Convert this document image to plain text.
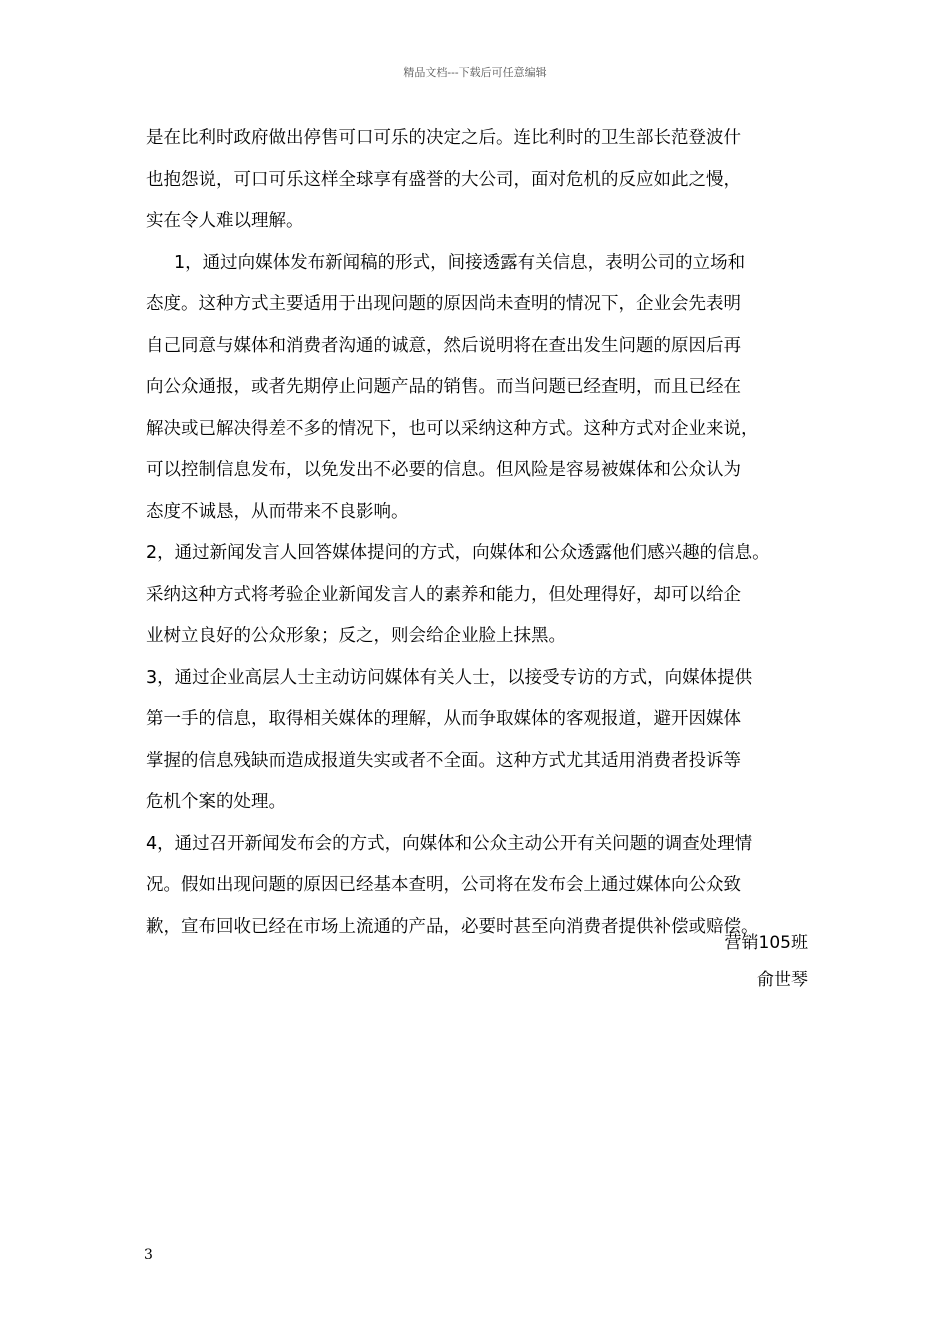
精品文档---下载后可任意编辑
是在比利时政府做出停售可口可乐的决定之后。连比利时的卫生部长范登波什
也抱怨说，可口可乐这样全球享有盛誉的大公司，面对危机的反应如此之慢，
实在令人难以理解。
1，通过向媒体发布新闻稿的形式，间接透露有关信息，表明公司的立场和
态度。这种方式主要适用于出现问题的原因尚未查明的情况下，企业会先表明
自己同意与媒体和消费者沟通的诚意，然后说明将在查出发生问题的原因后再
向公众通报，或者先期停止问题产品的销售。而当问题已经查明，而且已经在
解决或已解决得差不多的情况下，也可以采纳这种方式。这种方式对企业来说，
可以控制信息发布，以免发出不必要的信息。但风险是容易被媒体和公众认为
态度不诚恳，从而带来不良影响。
2，通过新闻发言人回答媒体提问的方式，向媒体和公众透露他们感兴趣的信息。
采纳这种方式将考验企业新闻发言人的素养和能力，但处理得好，却可以给企
业树立良好的公众形象；反之，则会给企业脸上抹黑。
3，通过企业高层人士主动访问媒体有关人士，以接受专访的方式，向媒体提供
第一手的信息，取得相关媒体的理解，从而争取媒体的客观报道，避开因媒体
掌握的信息残缺而造成报道失实或者不全面。这种方式尤其适用消费者投诉等
危机个案的处理。
4，通过召开新闻发布会的方式，向媒体和公众主动公开有关问题的调查处理情
况。假如出现问题的原因已经基本查明，公司将在发布会上通过媒体向公众致
歉，宣布回收已经在市场上流通的产品，必要时甚至向消费者提供补偿或赔偿。
营销105班
俞世琴
3
